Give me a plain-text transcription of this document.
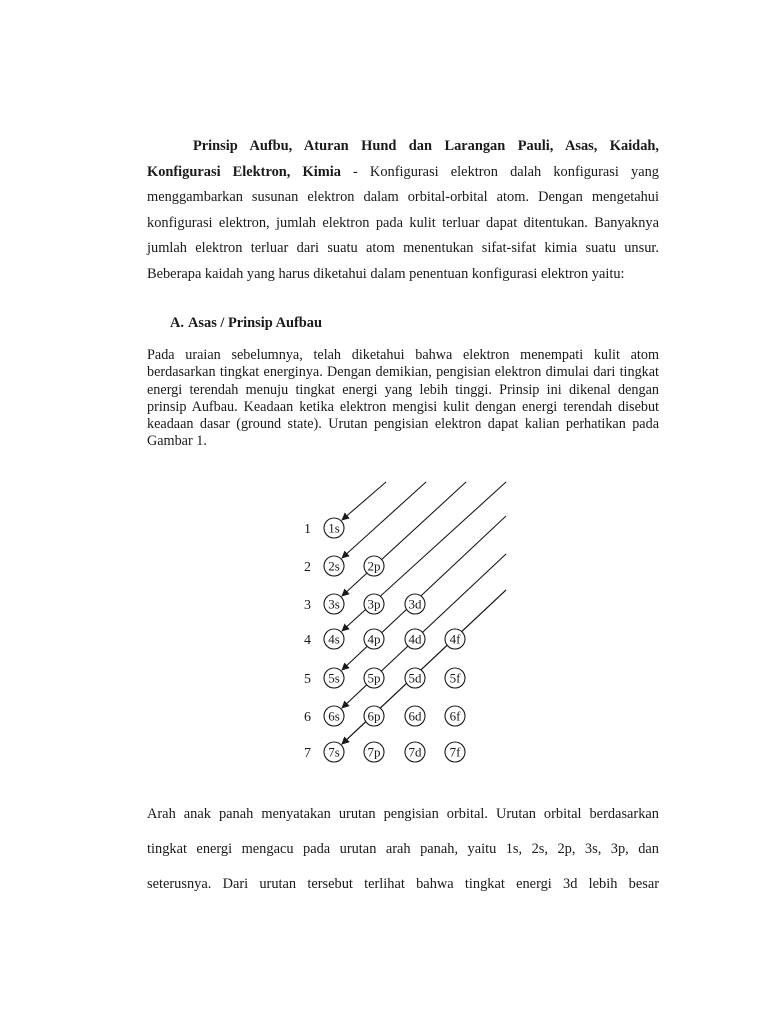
Prinsip Aufbu, Aturan Hund dan Larangan Pauli, Asas, Kaidah, Konfigurasi Elektron, Kimia - Konfigurasi elektron dalah konfigurasi yang menggambarkan susunan elektron dalam orbital-orbital atom. Dengan mengetahui konfigurasi elektron, jumlah elektron pada kulit terluar dapat ditentukan. Banyaknya jumlah elektron terluar dari suatu atom menentukan sifat-sifat kimia suatu unsur. Beberapa kaidah yang harus diketahui dalam penentuan konfigurasi elektron yaitu:

A. Asas / Prinsip Aufbau

Pada uraian sebelumnya, telah diketahui bahwa elektron menempati kulit atom berdasarkan tingkat energinya. Dengan demikian, pengisian elektron dimulai dari tingkat energi terendah menuju tingkat energi yang lebih tinggi. Prinsip ini dikenal dengan prinsip Aufbau. Keadaan ketika elektron mengisi kulit dengan energi terendah disebut keadaan dasar (ground state). Urutan pengisian elektron dapat kalian perhatikan pada Gambar 1.

1
2
3
4
5
6
7
1s
2s 2p
3s 3p 3d
4s 4p 4d 4f
5s 5p 5d 5f
6s 6p 6d 6f
7s 7p 7d 7f

Arah anak panah menyatakan urutan pengisian orbital. Urutan orbital berdasarkan

tingkat energi mengacu pada urutan arah panah, yaitu 1s, 2s, 2p, 3s, 3p, dan

seterusnya. Dari urutan tersebut terlihat bahwa tingkat energi 3d lebih besar
